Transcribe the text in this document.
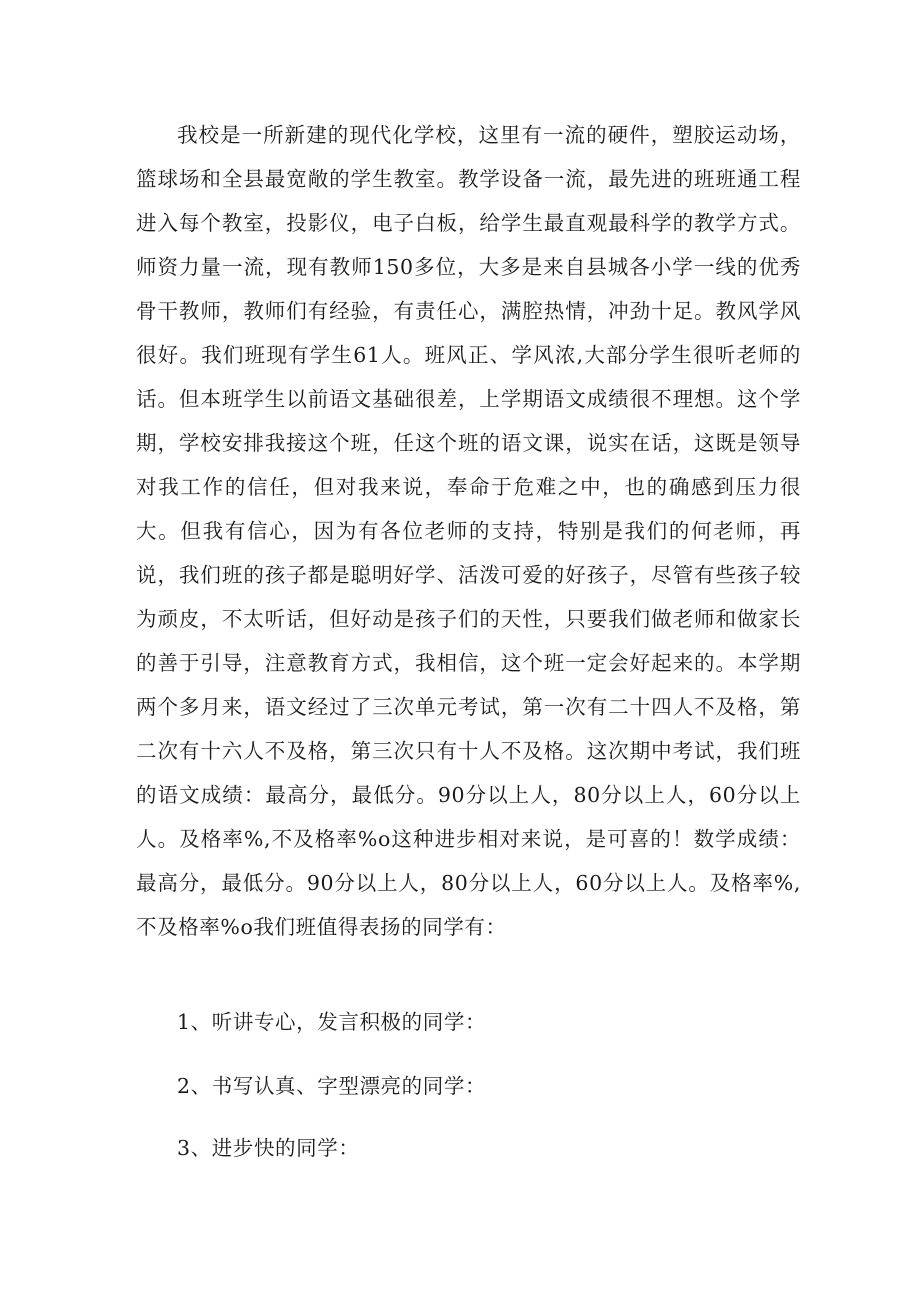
我校是一所新建的现代化学校，这里有一流的硬件，塑胶运动场，篮球场和全县最宽敞的学生教室。教学设备一流，最先进的班班通工程进入每个教室，投影仪，电子白板，给学生最直观最科学的教学方式。师资力量一流，现有教师150多位，大多是来自县城各小学一线的优秀骨干教师，教师们有经验，有责任心，满腔热情，冲劲十足。教风学风很好。我们班现有学生61人。班风正、学风浓,大部分学生很听老师的话。但本班学生以前语文基础很差，上学期语文成绩很不理想。这个学期，学校安排我接这个班，任这个班的语文课，说实在话，这既是领导对我工作的信任，但对我来说，奉命于危难之中，也的确感到压力很大。但我有信心，因为有各位老师的支持，特别是我们的何老师，再说，我们班的孩子都是聪明好学、活泼可爱的好孩子，尽管有些孩子较为顽皮，不太听话，但好动是孩子们的天性，只要我们做老师和做家长的善于引导，注意教育方式，我相信，这个班一定会好起来的。本学期两个多月来，语文经过了三次单元考试，第一次有二十四人不及格，第二次有十六人不及格，第三次只有十人不及格。这次期中考试，我们班的语文成绩：最高分，最低分。90分以上人，80分以上人，60分以上人。及格率%,不及格率%o这种进步相对来说，是可喜的！数学成绩：最高分，最低分。90分以上人，80分以上人，60分以上人。及格率%,不及格率%o我们班值得表扬的同学有：

1、听讲专心，发言积极的同学：

2、书写认真、字型漂亮的同学：

3、进步快的同学：
